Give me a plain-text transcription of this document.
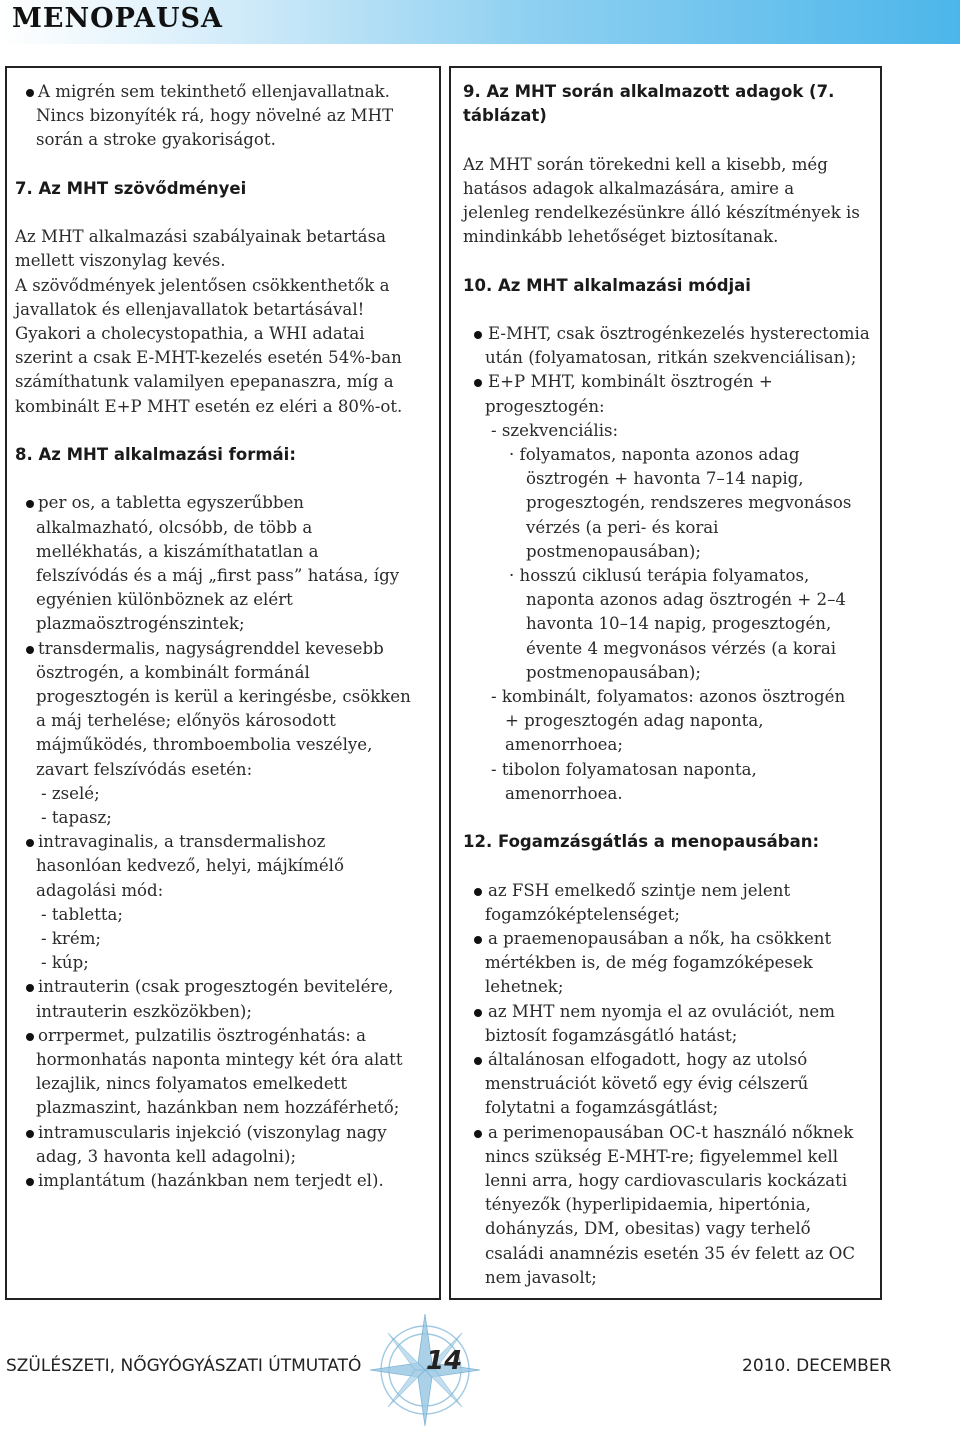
MENOPAUSA
A migrén sem tekinthető ellenjavallatnak.
Nincs bizonyíték rá, hogy növelné az MHT
során a stroke gyakoriságot.
7. Az MHT szövődményei
Az MHT alkalmazási szabályainak betartása
mellett viszonylag kevés.
A szövődmények jelentősen csökkenthetők a
javallatok és ellenjavallatok betartásával!
Gyakori a cholecystopathia, a WHI adatai
szerint a csak E-MHT-kezelés esetén 54%-ban
számíthatunk valamilyen epepanaszra, míg a
kombinált E+P MHT esetén ez eléri a 80%-ot.
8. Az MHT alkalmazási formái:
per os, a tabletta egyszerűbben
alkalmazható, olcsóbb, de több a
mellékhatás, a kiszámíthatatlan a
felszívódás és a máj „first pass” hatása, így
egyénien különböznek az elért
plazmaösztrogénszintek;
transdermalis, nagyságrenddel kevesebb
ösztrogén, a kombinált formánál
progesztogén is kerül a keringésbe, csökken
a máj terhelése; előnyös károsodott
májműködés, thromboembolia veszélye,
zavart felszívódás esetén:
- zselé;
- tapasz;
intravaginalis, a transdermalishoz
hasonlóan kedvező, helyi, májkímélő
adagolási mód:
- tabletta;
- krém;
- kúp;
intrauterin (csak progesztogén bevitelére,
intrauterin eszközökben);
orrpermet, pulzatilis ösztrogénhatás: a
hormonhatás naponta mintegy két óra alatt
lezajlik, nincs folyamatos emelkedett
plazmaszint, hazánkban nem hozzáférhető;
intramuscularis injekció (viszonylag nagy
adag, 3 havonta kell adagolni);
implantátum (hazánkban nem terjedt el).
9. Az MHT során alkalmazott adagok (7.
táblázat)
Az MHT során törekedni kell a kisebb, még
hatásos adagok alkalmazására, amire a
jelenleg rendelkezésünkre álló készítmények is
mindinkább lehetőséget biztosítanak.
10. Az MHT alkalmazási módjai
E-MHT, csak ösztrogénkezelés hysterectomia
után (folyamatosan, ritkán szekvenciálisan);
E+P MHT, kombinált ösztrogén +
progesztogén:
- szekvenciális:
· folyamatos, naponta azonos adag
ösztrogén + havonta 7–14 napig,
progesztogén, rendszeres megvonásos
vérzés (a peri- és korai
postmenopausában);
· hosszú ciklusú terápia folyamatos,
naponta azonos adag ösztrogén + 2–4
havonta 10–14 napig, progesztogén,
évente 4 megvonásos vérzés (a korai
postmenopausában);
- kombinált, folyamatos: azonos ösztrogén
+ progesztogén adag naponta,
amenorrhoea;
- tibolon folyamatosan naponta,
amenorrhoea.
12. Fogamzásgátlás a menopausában:
az FSH emelkedő szintje nem jelent
fogamzóképtelenséget;
a praemenopausában a nők, ha csökkent
mértékben is, de még fogamzóképesek
lehetnek;
az MHT nem nyomja el az ovulációt, nem
biztosít fogamzásgátló hatást;
általánosan elfogadott, hogy az utolsó
menstruációt követő egy évig célszerű
folytatni a fogamzásgátlást;
a perimenopausában OC-t használó nőknek
nincs szükség E-MHT-re; figyelemmel kell
lenni arra, hogy cardiovascularis kockázati
tényezők (hyperlipidaemia, hipertónia,
dohányzás, DM, obesitas) vagy terhelő
családi anamnézis esetén 35 év felett az OC
nem javasolt;
SZÜLÉSZETI, NŐGYÓGYÁSZATI ÚTMUTATÓ 14	2010. DECEMBER
